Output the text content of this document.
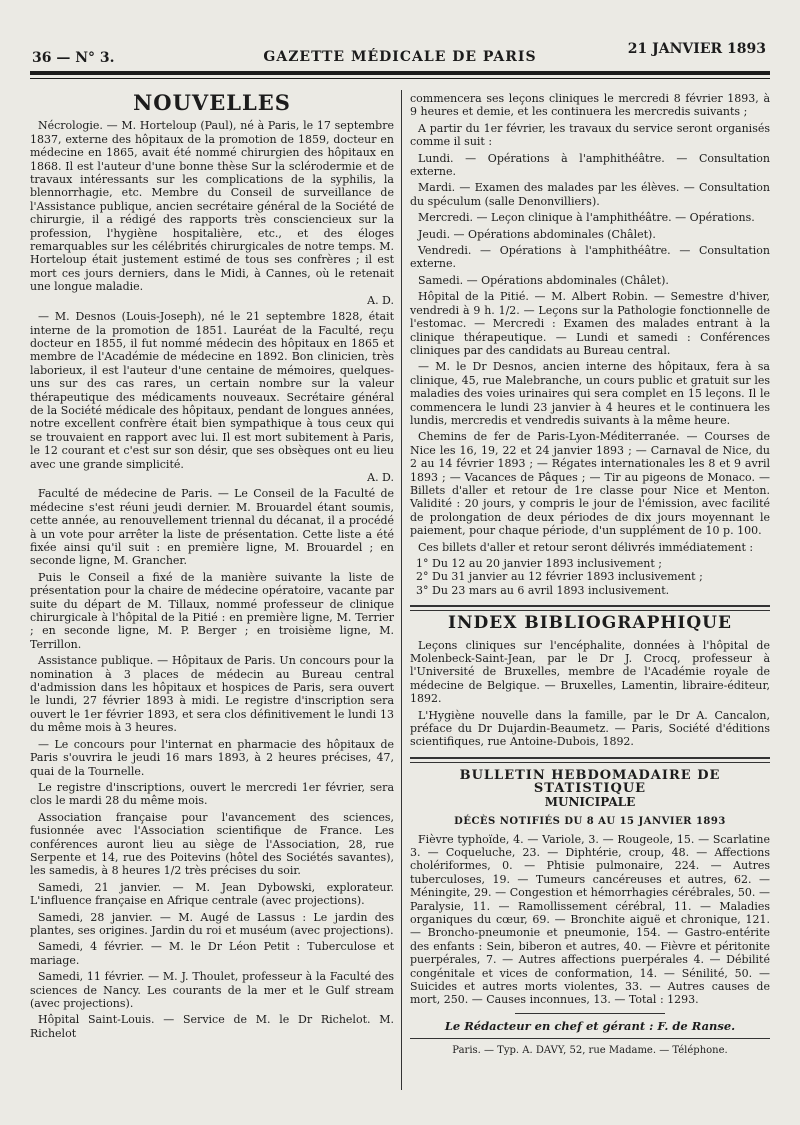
36 — N° 3.	GAZETTE MÉDICALE DE PARIS	21 JANVIER 1893
NOUVELLES

Nécrologie. — M. Horteloup (Paul), né à Paris, le 17 septembre 1837, externe des hôpitaux de la promotion de 1859, docteur en médecine en 1865, avait été nommé chirurgien des hôpitaux en 1868. Il est l'auteur d'une bonne thèse Sur la sclérodermie et de travaux intéressants sur les complications de la syphilis, la blennorrhagie, etc. Membre du Conseil de surveillance de l'Assistance publique, ancien secrétaire général de la Société de chirurgie, il a rédigé des rapports très consciencieux sur la profession, l'hygiène hospitalière, etc., et des éloges remarquables sur les célébrités chirurgicales de notre temps. M. Horteloup était justement estimé de tous ses confrères ; il est mort ces jours derniers, dans le Midi, à Cannes, où le retenait une longue maladie.

A. D.

— M. Desnos (Louis-Joseph), né le 21 septembre 1828, était interne de la promotion de 1851. Lauréat de la Faculté, reçu docteur en 1855, il fut nommé médecin des hôpitaux en 1865 et membre de l'Académie de médecine en 1892. Bon clinicien, très laborieux, il est l'auteur d'une centaine de mémoires, quelques-uns sur des cas rares, un certain nombre sur la valeur thérapeutique des médicaments nouveaux. Secrétaire général de la Société médicale des hôpitaux, pendant de longues années, notre excellent confrère était bien sympathique à tous ceux qui se trouvaient en rapport avec lui. Il est mort subitement à Paris, le 12 courant et c'est sur son désir, que ses obsèques ont eu lieu avec une grande simplicité.

A. D.

Faculté de médecine de Paris. — Le Conseil de la Faculté de médecine s'est réuni jeudi dernier. M. Brouardel étant soumis, cette année, au renouvellement triennal du décanat, il a procédé à un vote pour arrêter la liste de présentation. Cette liste a été fixée ainsi qu'il suit : en première ligne, M. Brouardel ; en seconde ligne, M. Grancher.

Puis le Conseil a fixé de la manière suivante la liste de présentation pour la chaire de médecine opératoire, vacante par suite du départ de M. Tillaux, nommé professeur de clinique chirurgicale à l'hôpital de la Pitié : en première ligne, M. Terrier ; en seconde ligne, M. P. Berger ; en troisième ligne, M. Terrillon.

Assistance publique. — Hôpitaux de Paris. Un concours pour la nomination à 3 places de médecin au Bureau central d'admission dans les hôpitaux et hospices de Paris, sera ouvert le lundi, 27 février 1893 à midi. Le registre d'inscription sera ouvert le 1er février 1893, et sera clos définitivement le lundi 13 du même mois à 3 heures.

— Le concours pour l'internat en pharmacie des hôpitaux de Paris s'ouvrira le jeudi 16 mars 1893, à 2 heures précises, 47, quai de la Tournelle.

Le registre d'inscriptions, ouvert le mercredi 1er février, sera clos le mardi 28 du même mois.

Association française pour l'avancement des sciences, fusionnée avec l'Association scientifique de France. Les conférences auront lieu au siège de l'Association, 28, rue Serpente et 14, rue des Poitevins (hôtel des Sociétés savantes), les samedis, à 8 heures 1/2 très précises du soir.

Samedi, 21 janvier. — M. Jean Dybowski, explorateur. L'influence française en Afrique centrale (avec projections).

Samedi, 28 janvier. — M. Augé de Lassus : Le jardin des plantes, ses origines. Jardin du roi et muséum (avec projections).

Samedi, 4 février. — M. le Dr Léon Petit : Tuberculose et mariage.

Samedi, 11 février. — M. J. Thoulet, professeur à la Faculté des sciences de Nancy. Les courants de la mer et le Gulf stream (avec projections).

Hôpital Saint-Louis. — Service de M. le Dr Richelot. M. Richelot

commencera ses leçons cliniques le mercredi 8 février 1893, à 9 heures et demie, et les continuera les mercredis suivants ;

A partir du 1er février, les travaux du service seront organisés comme il suit :

Lundi. — Opérations à l'amphithéâtre. — Consultation externe.

Mardi. — Examen des malades par les élèves. — Consultation du spéculum (salle Denonvilliers).

Mercredi. — Leçon clinique à l'amphithéâtre. — Opérations.

Jeudi. — Opérations abdominales (Châlet).

Vendredi. — Opérations à l'amphithéâtre. — Consultation externe.

Samedi. — Opérations abdominales (Châlet).

Hôpital de la Pitié. — M. Albert Robin. — Semestre d'hiver, vendredi à 9 h. 1/2. — Leçons sur la Pathologie fonctionnelle de l'estomac. — Mercredi : Examen des malades entrant à la clinique thérapeutique. — Lundi et samedi : Conférences cliniques par des candidats au Bureau central.

— M. le Dr Desnos, ancien interne des hôpitaux, fera à sa clinique, 45, rue Malebranche, un cours public et gratuit sur les maladies des voies urinaires qui sera complet en 15 leçons. Il le commencera le lundi 23 janvier à 4 heures et le continuera les lundis, mercredis et vendredis suivants à la même heure.

Chemins de fer de Paris-Lyon-Méditerranée. — Courses de Nice les 16, 19, 22 et 24 janvier 1893 ; — Carnaval de Nice, du 2 au 14 février 1893 ; — Régates internationales les 8 et 9 avril 1893 ; — Vacances de Pâques ; — Tir au pigeons de Monaco. — Billets d'aller et retour de 1re classe pour Nice et Menton. Validité : 20 jours, y compris le jour de l'émission, avec facilité de prolongation de deux périodes de dix jours moyennant le paiement, pour chaque période, d'un supplément de 10 p. 100.

Ces billets d'aller et retour seront délivrés immédiatement :

1° Du 12 au 20 janvier 1893 inclusivement ;

2° Du 31 janvier au 12 février 1893 inclusivement ;

3° Du 23 mars au 6 avril 1893 inclusivement.

INDEX BIBLIOGRAPHIQUE

Leçons cliniques sur l'encéphalite, données à l'hôpital de Molenbeck-Saint-Jean, par le Dr J. Crocq, professeur à l'Université de Bruxelles, membre de l'Académie royale de médecine de Belgique. — Bruxelles, Lamentin, libraire-éditeur, 1892.

L'Hygiène nouvelle dans la famille, par le Dr A. Cancalon, préface du Dr Dujardin-Beaumetz. — Paris, Société d'éditions scientifiques, rue Antoine-Dubois, 1892.

BULLETIN HEBDOMADAIRE DE STATISTIQUE
MUNICIPALE
DÉCÈS NOTIFIÉS DU 8 AU 15 JANVIER 1893

Fièvre typhoïde, 4. — Variole, 3. — Rougeole, 15. — Scarlatine 3. — Coqueluche, 23. — Diphtérie, croup, 48. — Affections cholériformes, 0. — Phtisie pulmonaire, 224. — Autres tuberculoses, 19. — Tumeurs cancéreuses et autres, 62. — Méningite, 29. — Congestion et hémorrhagies cérébrales, 50. — Paralysie, 11. — Ramollissement cérébral, 11. — Maladies organiques du cœur, 69. — Bronchite aiguë et chronique, 121. — Broncho-pneumonie et pneumonie, 154. — Gastro-entérite des enfants : Sein, biberon et autres, 40. — Fièvre et péritonite puerpérales, 7. — Autres affections puerpérales 4. — Débilité congénitale et vices de conformation, 14. — Sénilité, 50. — Suicides et autres morts violentes, 33. — Autres causes de mort, 250. — Causes inconnues, 13. — Total : 1293.

Le Rédacteur en chef et gérant : F. de Ranse.
Paris. — Typ. A. DAVY, 52, rue Madame. — Téléphone.
